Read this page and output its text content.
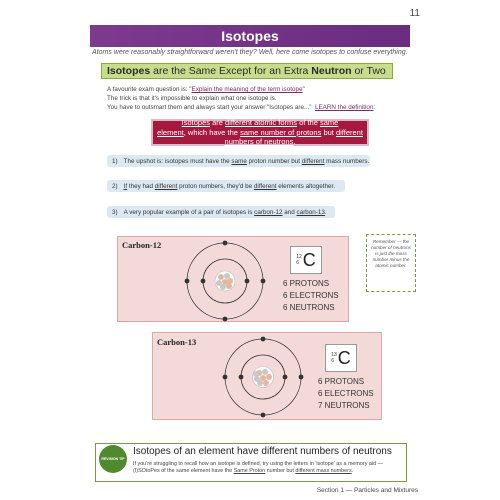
11
Isotopes
Atoms were reasonably straightforward weren't they? Well, here come isotopes to confuse everything.
Isotopes are the Same Except for an Extra Neutron or Two
A favourite exam question is: "Explain the meaning of the term isotope"
The trick is that it's impossible to explain what one isotope is.
You have to outsmart them and always start your answer "Isotopes are..."  LEARN the definition:
Isotopes are different atomic forms of the same element, which have the same number of protons but different numbers of neutrons.
1) The upshot is: isotopes must have the same proton number but different mass numbers.
2) If they had different proton numbers, they'd be different elements altogether.
3) A very popular example of a pair of isotopes is carbon-12 and carbon-13 .
Carbon-12
12
6 C
6 PROTONS
6 ELECTRONS
6 NEUTRONS
Remember — the number of neutrons is just the mass number minus the atomic number.
Carbon-13
13
6 C
6 PROTONS
6 ELECTRONS
7 NEUTRONS
REVISION TIP
Isotopes of an element have different numbers of neutrons
If you're struggling to recall how an isotope is defined, try using the letters in 'isotope' as a memory aid — (I)SOtoPes of the same element have the Same Proton number but different mass numbers.
Section 1 — Particles and Mixtures
